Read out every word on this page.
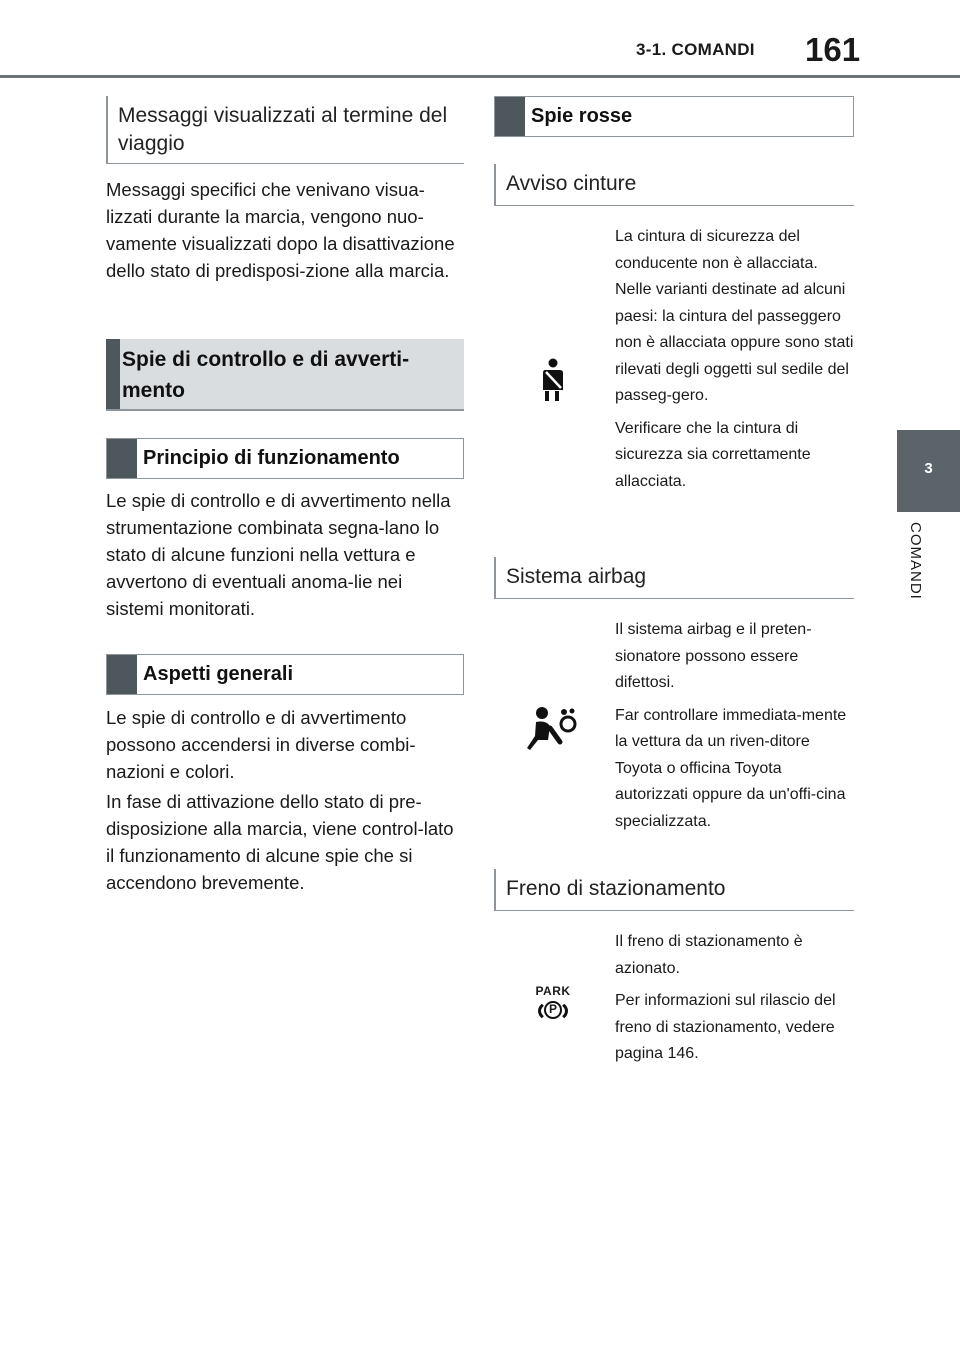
3-1. COMANDI 161
3
COMANDI
Messaggi visualizzati al termine del viaggio
Messaggi specifici che venivano visua-lizzati durante la marcia, vengono nuo-vamente visualizzati dopo la disattivazione dello stato di predisposi-zione alla marcia.
Spie di controllo e di avverti-mento
Principio di funzionamento
Le spie di controllo e di avvertimento nella strumentazione combinata segna-lano lo stato di alcune funzioni nella vettura e avvertono di eventuali anoma-lie nei sistemi monitorati.
Aspetti generali
Le spie di controllo e di avvertimento possono accendersi in diverse combi-nazioni e colori.
In fase di attivazione dello stato di pre-disposizione alla marcia, viene control-lato il funzionamento di alcune spie che si accendono brevemente.
Spie rosse
Avviso cinture

La cintura di sicurezza del conducente non è allacciata. Nelle varianti destinate ad alcuni paesi: la cintura del passeggero non è allacciata oppure sono stati rilevati degli oggetti sul sedile del passeg-gero.

Verificare che la cintura di sicurezza sia correttamente allacciata.

Sistema airbag

Il sistema airbag e il preten-sionatore possono essere difettosi.

Far controllare immediata-mente la vettura da un riven-ditore Toyota o officina Toyota autorizzati oppure da un'offi-cina specializzata.

Freno di stazionamento
PARK
P

Il freno di stazionamento è azionato.

Per informazioni sul rilascio del freno di stazionamento, vedere pagina 146.
